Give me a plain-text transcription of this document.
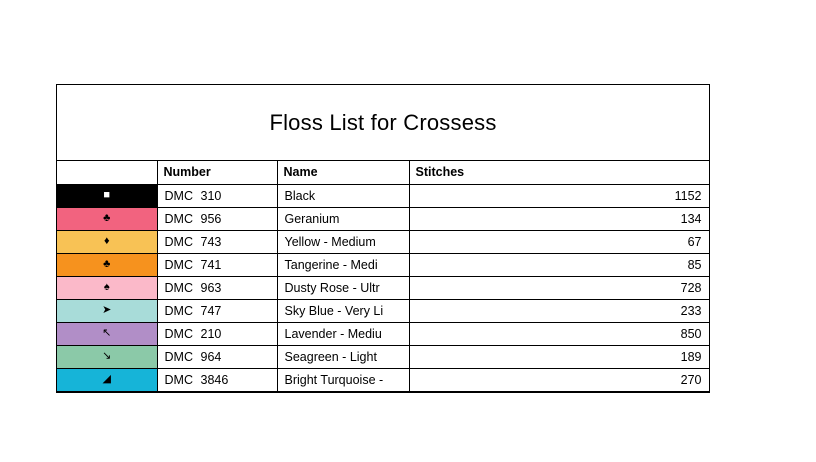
Floss List for Crossess
	Number	Name	Stitches

■	DMC 310	Black	1152

♣	DMC 956	Geranium	134

♦	DMC 743	Yellow - Medium	67

♣	DMC 741	Tangerine - Medi	85

♠	DMC 963	Dusty Rose - Ultr	728

➤	DMC 747	Sky Blue - Very Li	233

↖	DMC 210	Lavender - Mediu	850

↘	DMC 964	Seagreen - Light	189

◢	DMC 3846	Bright Turquoise -	270
